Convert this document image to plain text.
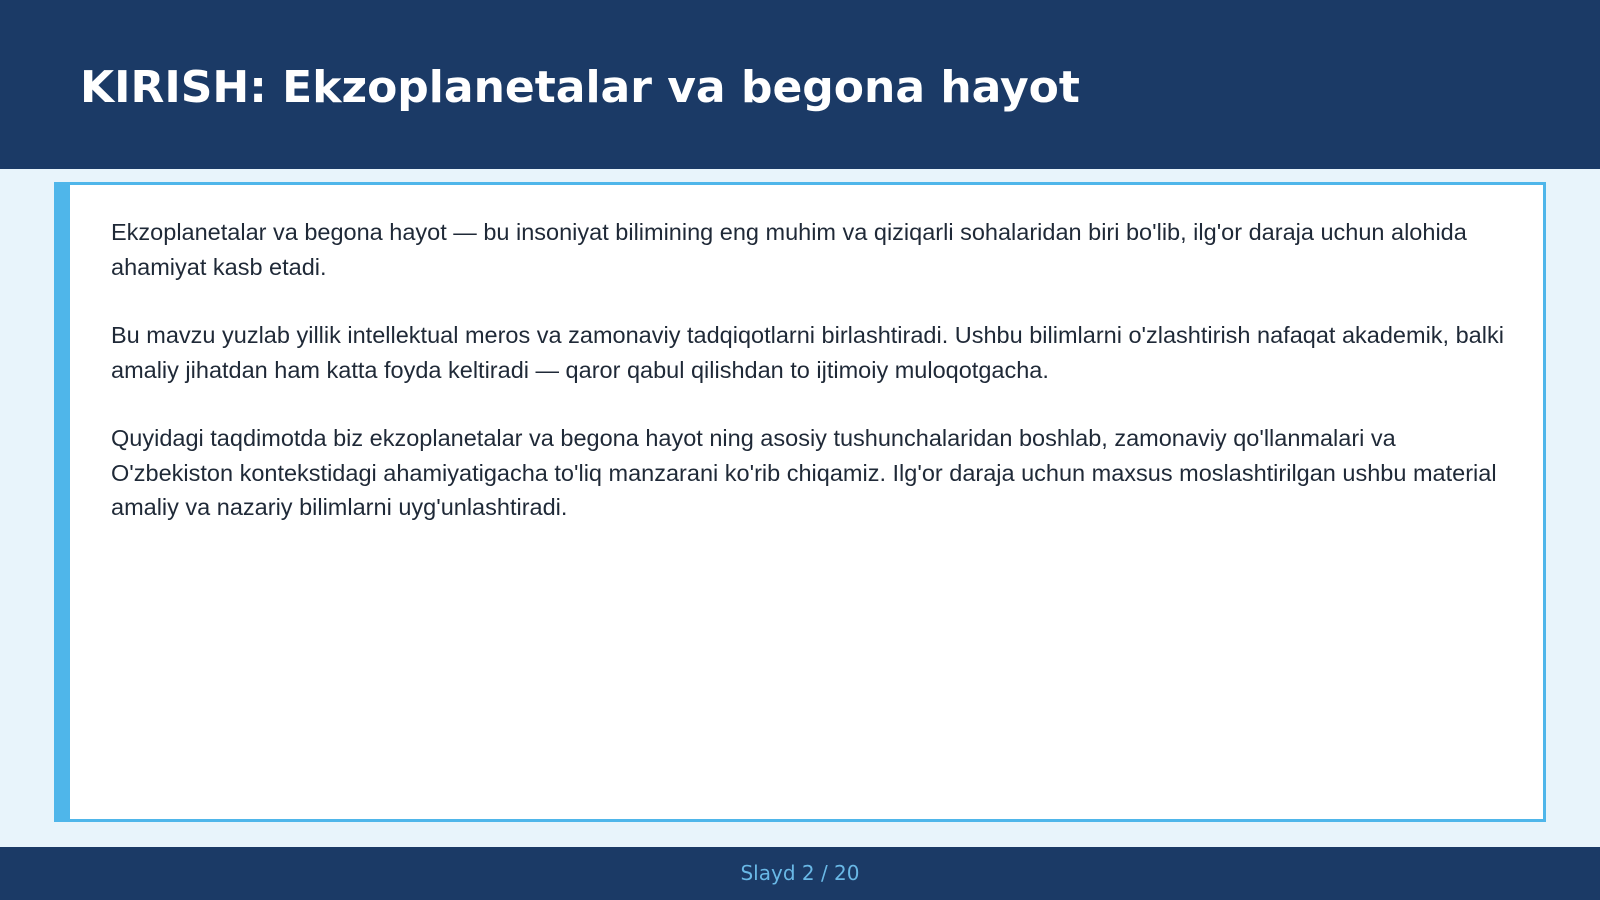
KIRISH: Ekzoplanetalar va begona hayot

Ekzoplanetalar va begona hayot — bu insoniyat bilimining eng muhim va qiziqarli sohalaridan biri bo'lib, ilg'or daraja uchun alohida ahamiyat kasb etadi.

Bu mavzu yuzlab yillik intellektual meros va zamonaviy tadqiqotlarni birlashtiradi. Ushbu bilimlarni o'zlashtirish nafaqat akademik, balki amaliy jihatdan ham katta foyda keltiradi — qaror qabul qilishdan to ijtimoiy muloqotgacha.

Quyidagi taqdimotda biz ekzoplanetalar va begona hayot ning asosiy tushunchalaridan boshlab, zamonaviy qo'llanmalari va O'zbekiston kontekstidagi ahamiyatigacha to'liq manzarani ko'rib chiqamiz. Ilg'or daraja uchun maxsus moslashtirilgan ushbu material amaliy va nazariy bilimlarni uyg'unlashtiradi.

Slayd 2 / 20
